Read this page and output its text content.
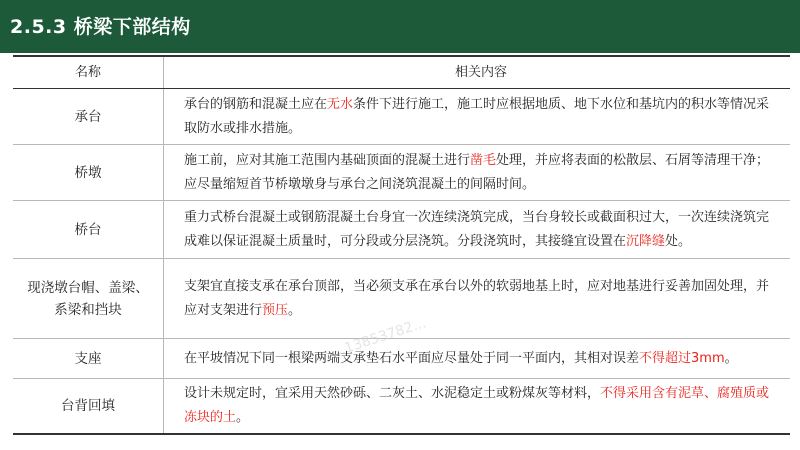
2.5.3 桥梁下部结构
名称	相关内容
承台
承台的钢筋和混凝土应在无水条件下进行施工，施工时应根据地质、地下水位和基坑内的积水等情况采取防水或排水措施。
桥墩
施工前，应对其施工范围内基础顶面的混凝土进行凿毛处理，并应将表面的松散层、石屑等清理干净；应尽量缩短首节桥墩墩身与承台之间浇筑混凝土的间隔时间。
桥台
重力式桥台混凝土或钢筋混凝土台身宜一次连续浇筑完成，当台身较长或截面积过大，一次连续浇筑完成难以保证混凝土质量时，可分段或分层浇筑。分段浇筑时，其接缝宜设置在沉降缝处。
现浇墩台帽、盖梁、系梁和挡块
支架宜直接支承在承台顶部，当必须支承在承台以外的软弱地基上时，应对地基进行妥善加固处理，并应对支架进行预压。
支座	在平坡情况下同一根梁两端支承垫石水平面应尽量处于同一平面内，其相对误差不得超过3mm。
台背回填
设计未规定时，宜采用天然砂砾、二灰土、水泥稳定土或粉煤灰等材料，不得采用含有泥草、腐殖质或冻块的土。
...13853782...
